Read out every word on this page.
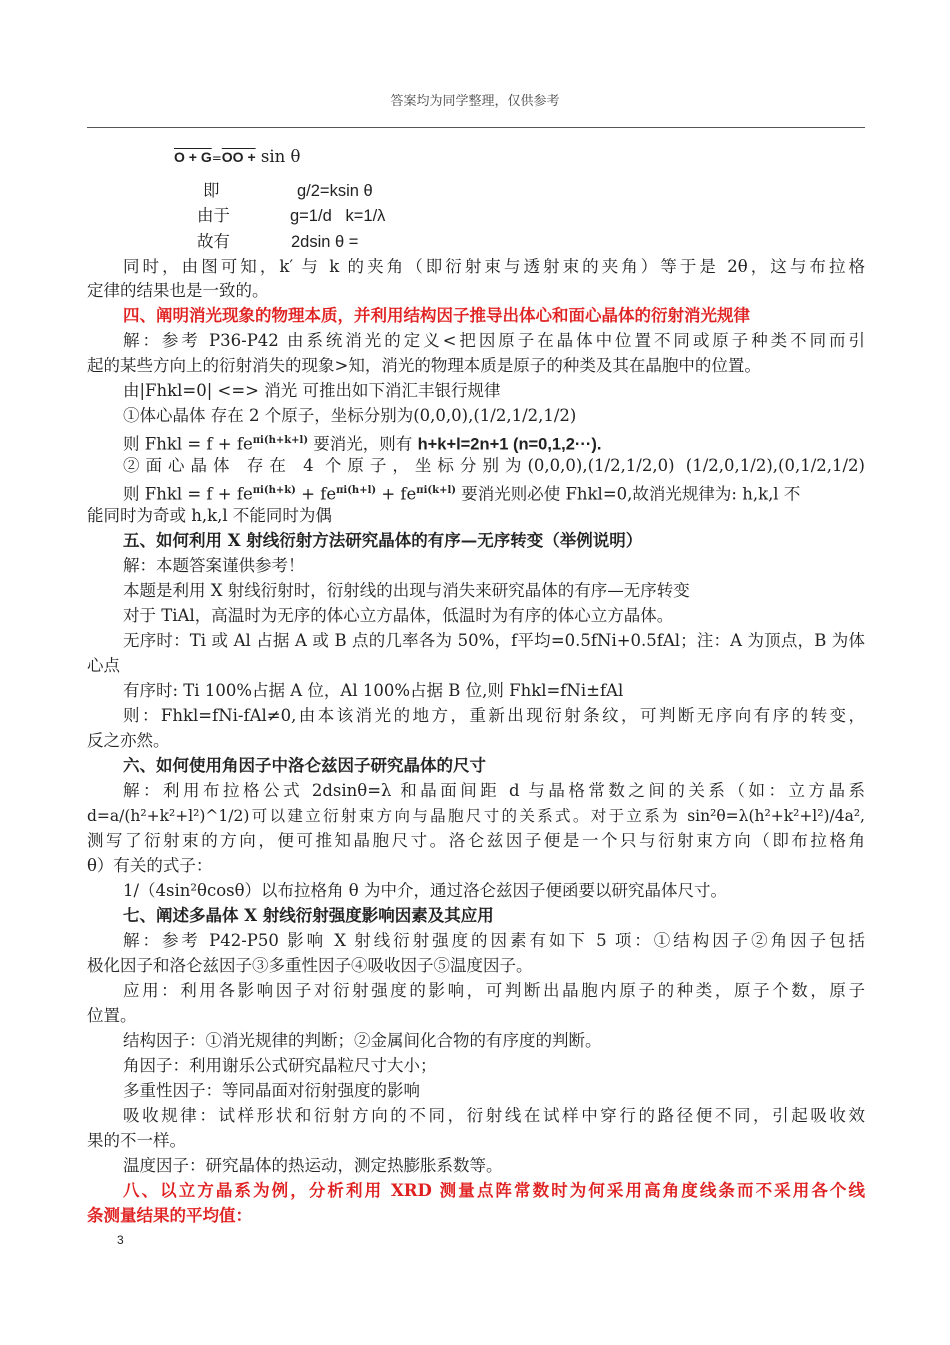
答案均为同学整理，仅供参考
O + G=OO + sin θ
即	g/2=ksin θ
由于	g=1/d   k=1/λ
故有	2dsin θ =
同时，由图可知，k′ 与 k 的夹角（即衍射束与透射束的夹角）等于是 2θ，这与布拉格
定律的结果也是一致的。
四、阐明消光现象的物理本质，并利用结构因子推导出体心和面心晶体的衍射消光规律
解：参考 P36-P42 由系统消光的定义<把因原子在晶体中位置不同或原子种类不同而引
起的某些方向上的衍射消失的现象>知，消光的物理本质是原子的种类及其在晶胞中的位置。
由|Fhkl=0| <=> 消光 可推出如下消汇丰银行规律
①体心晶体 存在 2 个原子，坐标分别为(0,0,0),(1/2,1/2,1/2)
则 Fhkl = $f + fe^{\pi i(h+k+l)}$ 要消光，则有 h+k+l=2n+1 (n=0,1,2···).
②面心晶体 存在 4 个原子，坐标分别为(0,0,0),(1/2,1/2,0) (1/2,0,1/2),(0,1/2,1/2)
则 Fhkl = $f + fe^{\pi i(h+k)} + fe^{\pi i(h+l)} + fe^{\pi i(k+l)}$ 要消光则必使 Fhkl=0,故消光规律为: h,k,l 不
能同时为奇或 h,k,l 不能同时为偶
五、如何利用 X 射线衍射方法研究晶体的有序—无序转变（举例说明）
解：本题答案谨供参考！
本题是利用 X 射线衍射时，衍射线的出现与消失来研究晶体的有序—无序转变
对于 TiAl，高温时为无序的体心立方晶体，低温时为有序的体心立方晶体。
无序时：Ti 或 Al 占据 A 或 B 点的几率各为 50%，f平均=0.5fNi+0.5fAl；注：A 为顶点，B 为体
心点
有序时: Ti 100%占据 A 位，Al 100%占据 B 位,则 Fhkl=fNi±fAl
则：Fhkl=fNi-fAl≠0,由本该消光的地方，重新出现衍射条纹，可判断无序向有序的转变，
反之亦然。
六、如何使用角因子中洛仑兹因子研究晶体的尺寸
解：利用布拉格公式 2dsinθ=λ 和晶面间距 d 与晶格常数之间的关系（如：立方晶系
d=a/(h²+k²+l²)^1/2)可以建立衍射束方向与晶胞尺寸的关系式。对于立系为 sin²θ=λ(h²+k²+l²)/4a²,
测写了衍射束的方向，便可推知晶胞尺寸。洛仑兹因子便是一个只与衍射束方向（即布拉格角
θ）有关的式子：
1/（4sin²θcosθ）以布拉格角 θ 为中介，通过洛仑兹因子便函要以研究晶体尺寸。
七、阐述多晶体 X 射线衍射强度影响因素及其应用
解：参考 P42-P50 影响 X 射线衍射强度的因素有如下 5 项：①结构因子②角因子包括
极化因子和洛仑兹因子③多重性因子④吸收因子⑤温度因子。
应用：利用各影响因子对衍射强度的影响，可判断出晶胞内原子的种类，原子个数，原子
位置。
结构因子：①消光规律的判断；②金属间化合物的有序度的判断。
角因子：利用谢乐公式研究晶粒尺寸大小；
多重性因子：等同晶面对衍射强度的影响
吸收规律：试样形状和衍射方向的不同，衍射线在试样中穿行的路径便不同，引起吸收效
果的不一样。
温度因子：研究晶体的热运动，测定热膨胀系数等。
八、以立方晶系为例，分析利用 XRD 测量点阵常数时为何采用高角度线条而不采用各个线
条测量结果的平均值：
3
